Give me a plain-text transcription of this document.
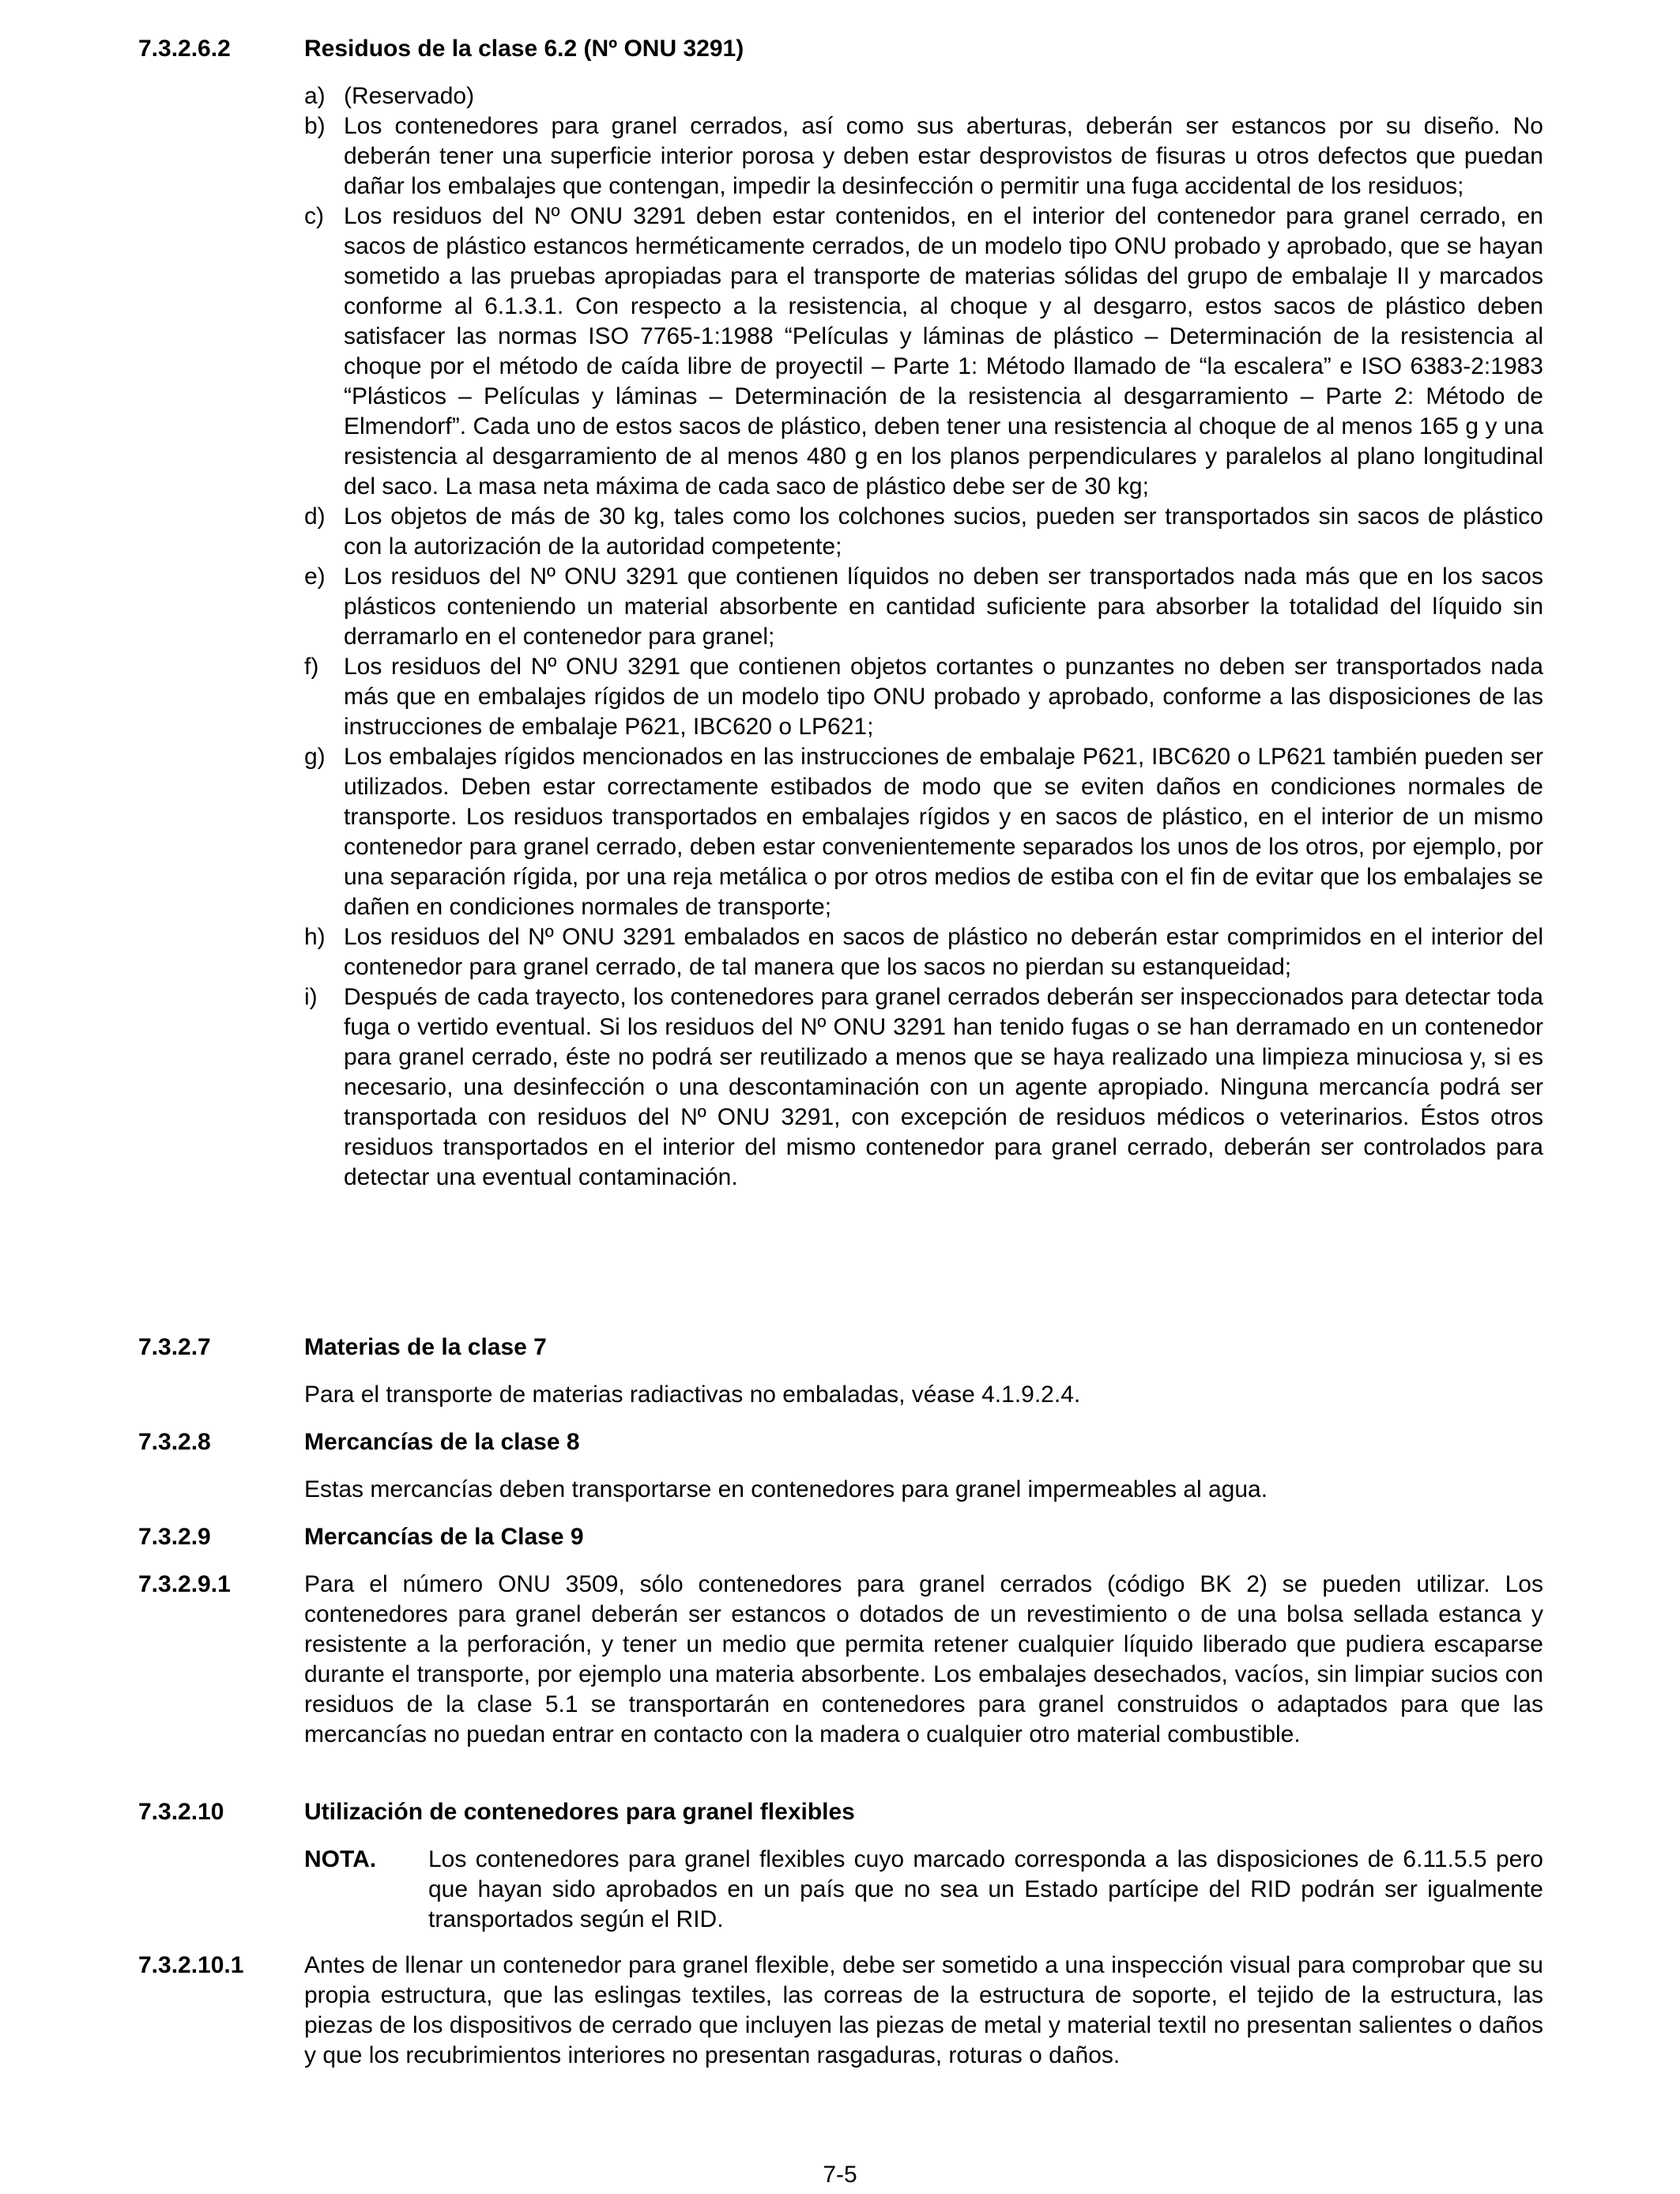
7.3.2.6.2	Residuos de la clase 6.2 (Nº ONU 3291)
a) (Reservado)
b) Los contenedores para granel cerrados, así como sus aberturas, deberán ser estancos por su diseño. No deberán tener una superficie interior porosa y deben estar desprovistos de fisuras u otros defectos que puedan dañar los embalajes que contengan, impedir la desinfección o permitir una fuga accidental de los residuos;
c) Los residuos del Nº ONU 3291 deben estar contenidos, en el interior del contenedor para granel cerrado, en sacos de plástico estancos herméticamente cerrados, de un modelo tipo ONU probado y aprobado, que se hayan sometido a las pruebas apropiadas para el transporte de materias sólidas del grupo de embalaje II y marcados conforme al 6.1.3.1. Con respecto a la resistencia, al choque y al desgarro, estos sacos de plástico deben satisfacer las normas ISO 7765-1:1988 “Películas y láminas de plástico – Determinación de la resistencia al choque por el método de caída libre de proyectil – Parte 1: Método llamado de “la escalera” e ISO 6383-2:1983 “Plásticos – Películas y láminas – Determinación de la resistencia al desgarramiento – Parte 2: Método de Elmendorf”. Cada uno de estos sacos de plástico, deben tener una resistencia al choque de al menos 165 g y una resistencia al desgarramiento de al menos 480 g en los planos perpendiculares y paralelos al plano longitudinal del saco. La masa neta máxima de cada saco de plástico debe ser de 30 kg;
d) Los objetos de más de 30 kg, tales como los colchones sucios, pueden ser transportados sin sacos de plástico con la autorización de la autoridad competente;
e) Los residuos del Nº ONU 3291 que contienen líquidos no deben ser transportados nada más que en los sacos plásticos conteniendo un material absorbente en cantidad suficiente para absorber la totalidad del líquido sin derramarlo en el contenedor para granel;
f) Los residuos del Nº ONU 3291 que contienen objetos cortantes o punzantes no deben ser transportados nada más que en embalajes rígidos de un modelo tipo ONU probado y aprobado, conforme a las disposiciones de las instrucciones de embalaje P621, IBC620 o LP621;
g) Los embalajes rígidos mencionados en las instrucciones de embalaje P621, IBC620 o LP621 también pueden ser utilizados. Deben estar correctamente estibados de modo que se eviten daños en condiciones normales de transporte. Los residuos transportados en embalajes rígidos y en sacos de plástico, en el interior de un mismo contenedor para granel cerrado, deben estar convenientemente separados los unos de los otros, por ejemplo, por una separación rígida, por una reja metálica o por otros medios de estiba con el fin de evitar que los embalajes se dañen en condiciones normales de transporte;
h) Los residuos del Nº ONU 3291 embalados en sacos de plástico no deberán estar comprimidos en el interior del contenedor para granel cerrado, de tal manera que los sacos no pierdan su estanqueidad;
i) Después de cada trayecto, los contenedores para granel cerrados deberán ser inspeccionados para detectar toda fuga o vertido eventual. Si los residuos del Nº ONU 3291 han tenido fugas o se han derramado en un contenedor para granel cerrado, éste no podrá ser reutilizado a menos que se haya realizado una limpieza minuciosa y, si es necesario, una desinfección o una descontaminación con un agente apropiado. Ninguna mercancía podrá ser transportada con residuos del Nº ONU 3291, con excepción de residuos médicos o veterinarios. Éstos otros residuos transportados en el interior del mismo contenedor para granel cerrado, deberán ser controlados para detectar una eventual contaminación.
7.3.2.7	Materias de la clase 7

Para el transporte de materias radiactivas no embaladas, véase 4.1.9.2.4.

7.3.2.8	Mercancías de la clase 8

Estas mercancías deben transportarse en contenedores para granel impermeables al agua.

7.3.2.9	Mercancías de la Clase 9
7.3.2.9.1	Para el número ONU 3509, sólo contenedores para granel cerrados (código BK 2) se pueden utilizar. Los contenedores para granel deberán ser estancos o dotados de un revestimiento o de una bolsa sellada estanca y resistente a la perforación, y tener un medio que permita retener cualquier líquido liberado que pudiera escaparse durante el transporte, por ejemplo una materia absorbente. Los embalajes desechados, vacíos, sin limpiar sucios con residuos de la clase 5.1 se transportarán en contenedores para granel construidos o adaptados para que las mercancías no puedan entrar en contacto con la madera o cualquier otro material combustible.

7.3.2.10	Utilización de contenedores para granel flexibles
NOTA. Los contenedores para granel flexibles cuyo marcado corresponda a las disposiciones de 6.11.5.5 pero que hayan sido aprobados en un país que no sea un Estado partícipe del RID podrán ser igualmente transportados según el RID.

7.3.2.10.1	Antes de llenar un contenedor para granel flexible, debe ser sometido a una inspección visual para comprobar que su propia estructura, que las eslingas textiles, las correas de la estructura de soporte, el tejido de la estructura, las piezas de los dispositivos de cerrado que incluyen las piezas de metal y material textil no presentan salientes o daños y que los recubrimientos interiores no presentan rasgaduras, roturas o daños.

7-5
